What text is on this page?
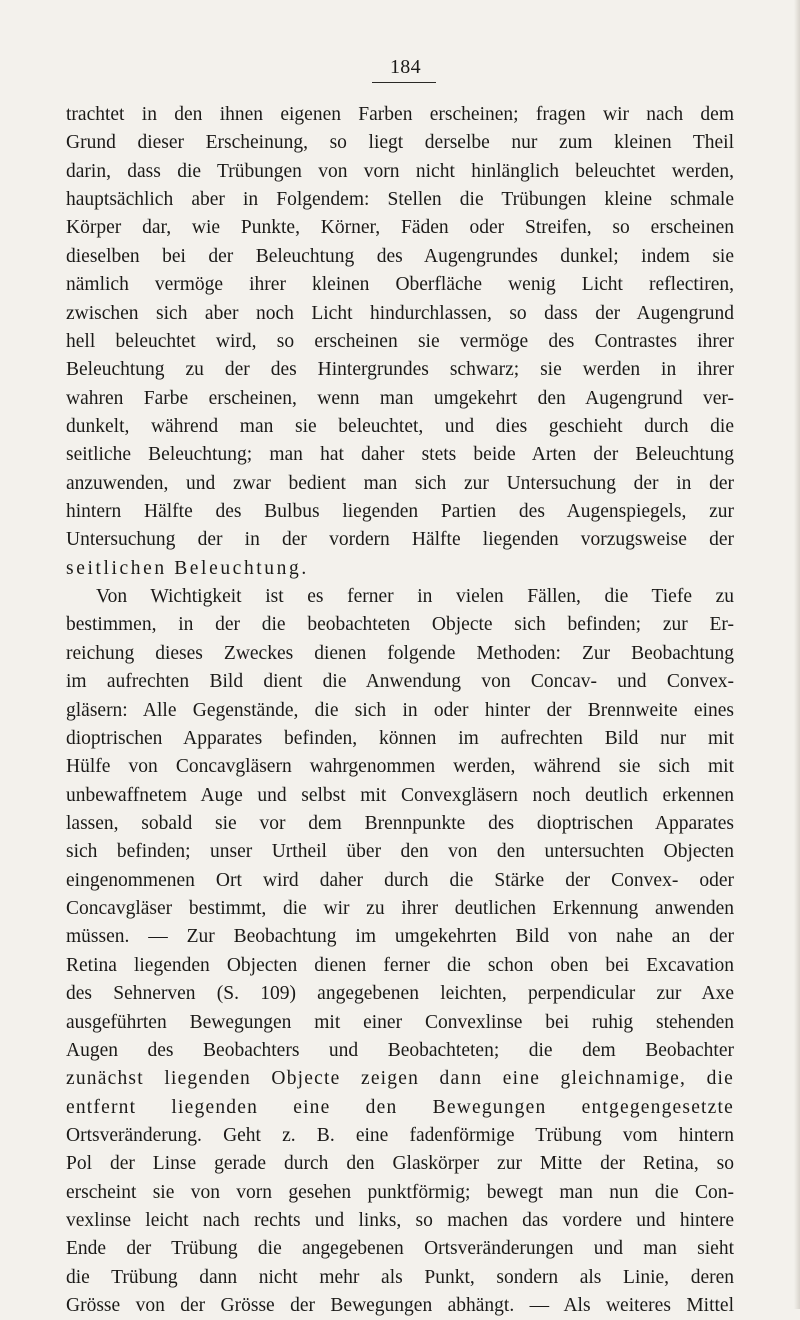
184
trachtet in den ihnen eigenen Farben erscheinen; fragen wir nach dem
Grund dieser Erscheinung, so liegt derselbe nur zum kleinen Theil
darin, dass die Trübungen von vorn nicht hinlänglich beleuchtet werden,
hauptsächlich aber in Folgendem: Stellen die Trübungen kleine schmale
Körper dar, wie Punkte, Körner, Fäden oder Streifen, so erscheinen
dieselben bei der Beleuchtung des Augengrundes dunkel; indem sie
nämlich vermöge ihrer kleinen Oberfläche wenig Licht reflectiren,
zwischen sich aber noch Licht hindurchlassen, so dass der Augengrund
hell beleuchtet wird, so erscheinen sie vermöge des Contrastes ihrer
Beleuchtung zu der des Hintergrundes schwarz; sie werden in ihrer
wahren Farbe erscheinen, wenn man umgekehrt den Augengrund ver-
dunkelt, während man sie beleuchtet, und dies geschieht durch die
seitliche Beleuchtung; man hat daher stets beide Arten der Beleuchtung
anzuwenden, und zwar bedient man sich zur Untersuchung der in der
hintern Hälfte des Bulbus liegenden Partien des Augenspiegels, zur
Untersuchung der in der vordern Hälfte liegenden vorzugsweise der
seitlichen Beleuchtung.
Von Wichtigkeit ist es ferner in vielen Fällen, die Tiefe zu
bestimmen, in der die beobachteten Objecte sich befinden; zur Er-
reichung dieses Zweckes dienen folgende Methoden: Zur Beobachtung
im aufrechten Bild dient die Anwendung von Concav- und Convex-
gläsern: Alle Gegenstände, die sich in oder hinter der Brennweite eines
dioptrischen Apparates befinden, können im aufrechten Bild nur mit
Hülfe von Concavgläsern wahrgenommen werden, während sie sich mit
unbewaffnetem Auge und selbst mit Convexgläsern noch deutlich erkennen
lassen, sobald sie vor dem Brennpunkte des dioptrischen Apparates
sich befinden; unser Urtheil über den von den untersuchten Objecten
eingenommenen Ort wird daher durch die Stärke der Convex- oder
Concavgläser bestimmt, die wir zu ihrer deutlichen Erkennung anwenden
müssen. — Zur Beobachtung im umgekehrten Bild von nahe an der
Retina liegenden Objecten dienen ferner die schon oben bei Excavation
des Sehnerven (S. 109) angegebenen leichten, perpendicular zur Axe
ausgeführten Bewegungen mit einer Convexlinse bei ruhig stehenden
Augen des Beobachters und Beobachteten; die dem Beobachter
zunächst liegenden Objecte zeigen dann eine gleichnamige, die
entfernt liegenden eine den Bewegungen entgegengesetzte
Ortsveränderung. Geht z. B. eine fadenförmige Trübung vom hintern
Pol der Linse gerade durch den Glaskörper zur Mitte der Retina, so
erscheint sie von vorn gesehen punktförmig; bewegt man nun die Con-
vexlinse leicht nach rechts und links, so machen das vordere und hintere
Ende der Trübung die angegebenen Ortsveränderungen und man sieht
die Trübung dann nicht mehr als Punkt, sondern als Linie, deren
Grösse von der Grösse der Bewegungen abhängt. — Als weiteres Mittel
